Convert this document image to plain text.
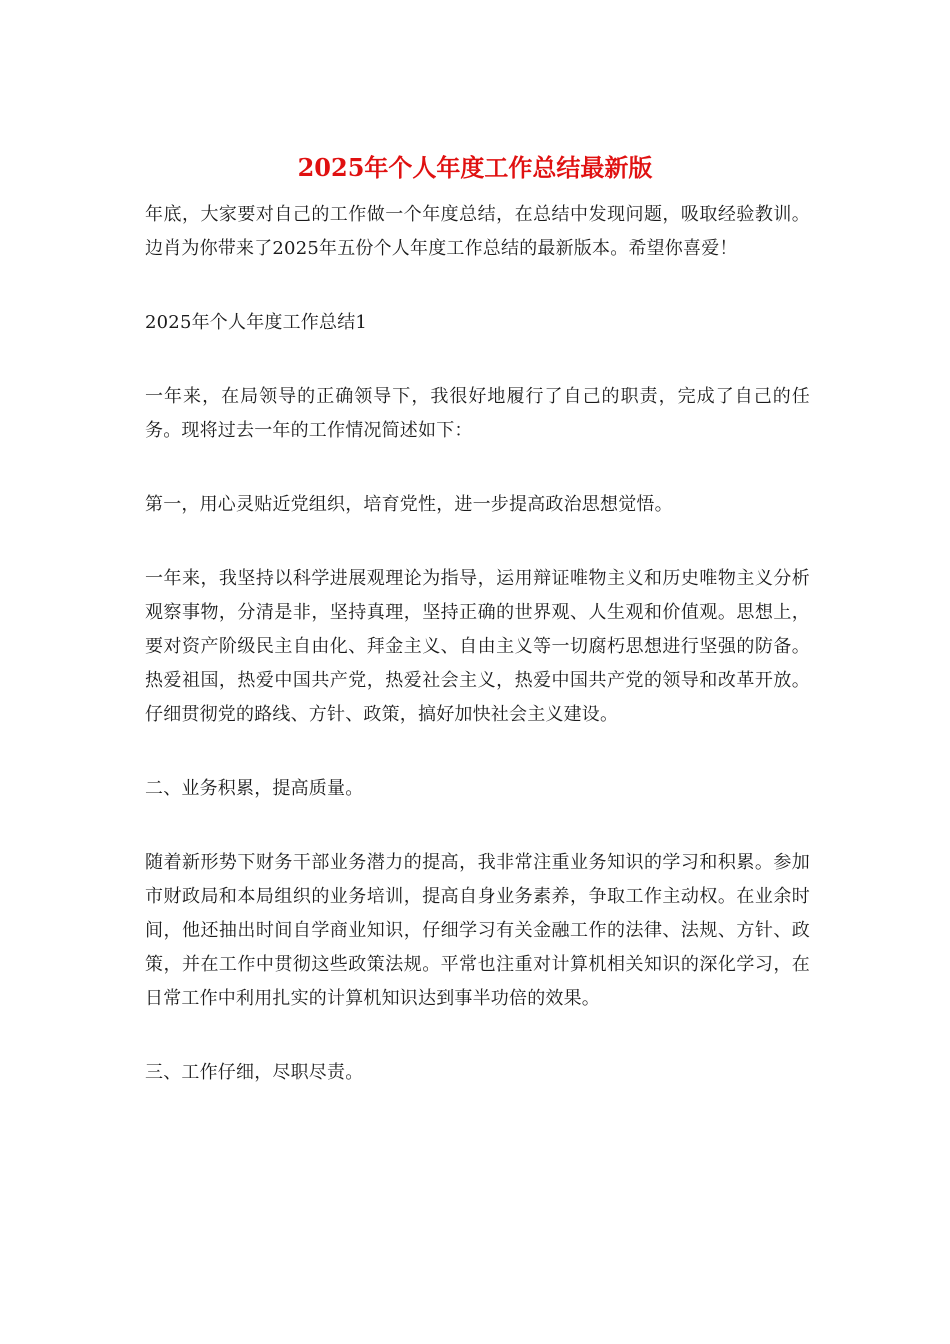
2025年个人年度工作总结最新版

年底，大家要对自己的工作做一个年度总结，在总结中发现问题，吸取经验教训。边肖为你带来了2025年五份个人年度工作总结的最新版本。希望你喜爱！

2025年个人年度工作总结1

一年来，在局领导的正确领导下，我很好地履行了自己的职责，完成了自己的任务。现将过去一年的工作情况简述如下：

第一，用心灵贴近党组织，培育党性，进一步提高政治思想觉悟。

一年来，我坚持以科学进展观理论为指导，运用辩证唯物主义和历史唯物主义分析观察事物，分清是非，坚持真理，坚持正确的世界观、人生观和价值观。思想上，要对资产阶级民主自由化、拜金主义、自由主义等一切腐朽思想进行坚强的防备。热爱祖国，热爱中国共产党，热爱社会主义，热爱中国共产党的领导和改革开放。仔细贯彻党的路线、方针、政策，搞好加快社会主义建设。

二、业务积累，提高质量。

随着新形势下财务干部业务潜力的提高，我非常注重业务知识的学习和积累。参加市财政局和本局组织的业务培训，提高自身业务素养，争取工作主动权。在业余时间，他还抽出时间自学商业知识，仔细学习有关金融工作的法律、法规、方针、政策，并在工作中贯彻这些政策法规。平常也注重对计算机相关知识的深化学习，在日常工作中利用扎实的计算机知识达到事半功倍的效果。

三、工作仔细，尽职尽责。
